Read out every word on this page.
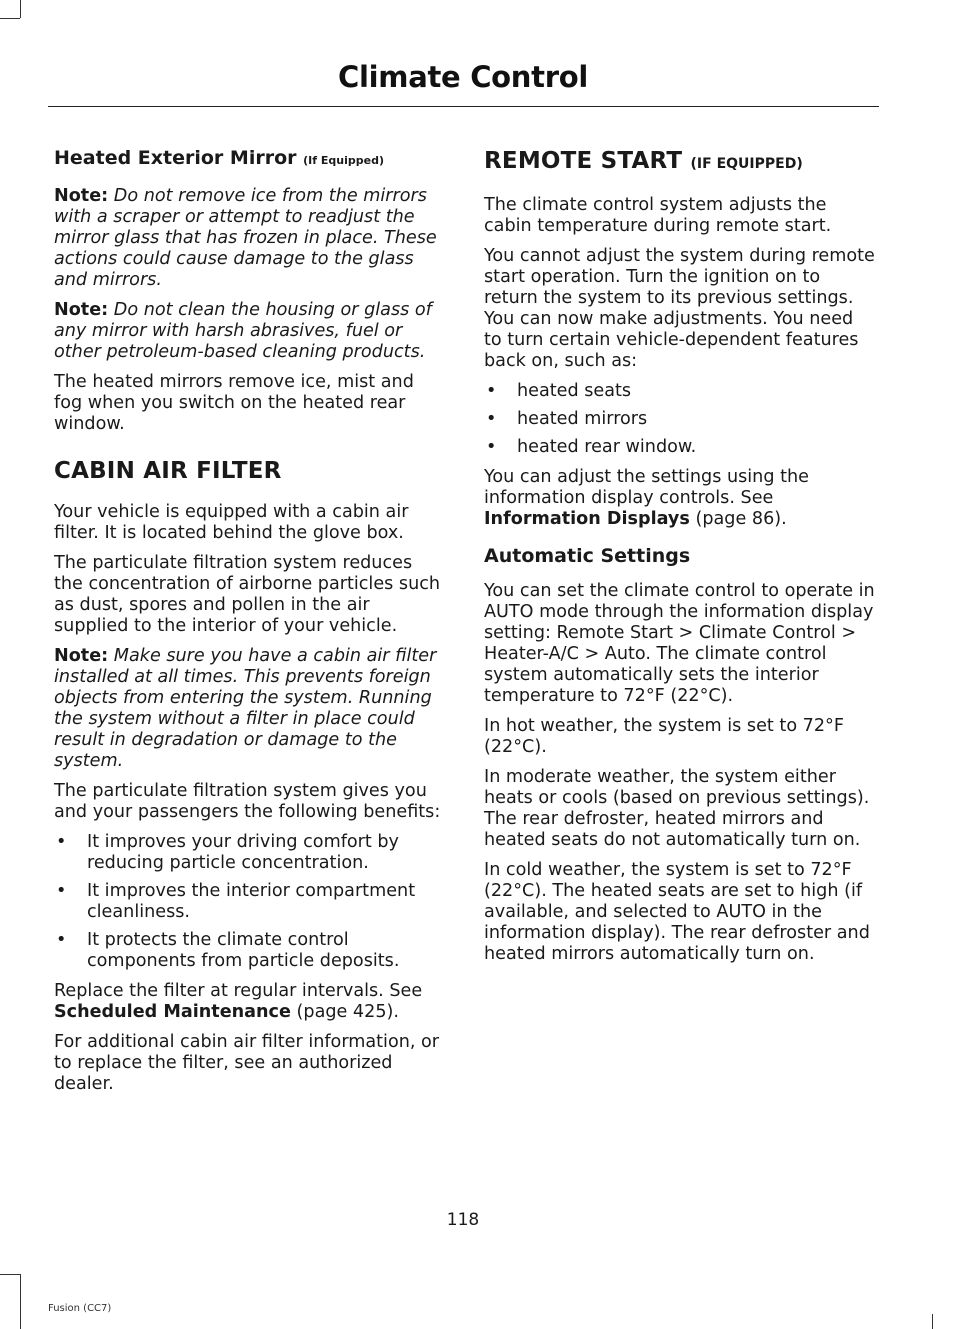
Climate Control
Heated Exterior Mirror (If Equipped)

Note: Do not remove ice from the mirrors with a scraper or attempt to readjust the mirror glass that has frozen in place. These actions could cause damage to the glass and mirrors.

Note: Do not clean the housing or glass of any mirror with harsh abrasives, fuel or other petroleum-based cleaning products.

The heated mirrors remove ice, mist and fog when you switch on the heated rear window.

CABIN AIR FILTER

Your vehicle is equipped with a cabin air filter. It is located behind the glove box.

The particulate filtration system reduces the concentration of airborne particles such as dust, spores and pollen in the air supplied to the interior of your vehicle.

Note: Make sure you have a cabin air filter installed at all times. This prevents foreign objects from entering the system. Running the system without a filter in place could result in degradation or damage to the system.

The particulate filtration system gives you and your passengers the following benefits:

• It improves your driving comfort by reducing particle concentration.
• It improves the interior compartment cleanliness.
• It protects the climate control components from particle deposits.

Replace the filter at regular intervals. See
Scheduled Maintenance (page 425).

For additional cabin air filter information, or to replace the filter, see an authorized dealer.

REMOTE START (IF EQUIPPED)

The climate control system adjusts the cabin temperature during remote start.

You cannot adjust the system during remote start operation. Turn the ignition on to return the system to its previous settings. You can now make adjustments. You need to turn certain vehicle-dependent features back on, such as:

• heated seats
• heated mirrors
• heated rear window.

You can adjust the settings using the information display controls. See
Information Displays (page 86).

Automatic Settings

You can set the climate control to operate in AUTO mode through the information display setting: Remote Start > Climate Control > Heater-A/C > Auto. The climate control system automatically sets the interior temperature to 72°F (22°C).

In hot weather, the system is set to 72°F (22°C).

In moderate weather, the system either heats or cools (based on previous settings). The rear defroster, heated mirrors and heated seats do not automatically turn on.

In cold weather, the system is set to 72°F (22°C). The heated seats are set to high (if available, and selected to AUTO in the information display). The rear defroster and heated mirrors automatically turn on.

118
Fusion (CC7)
